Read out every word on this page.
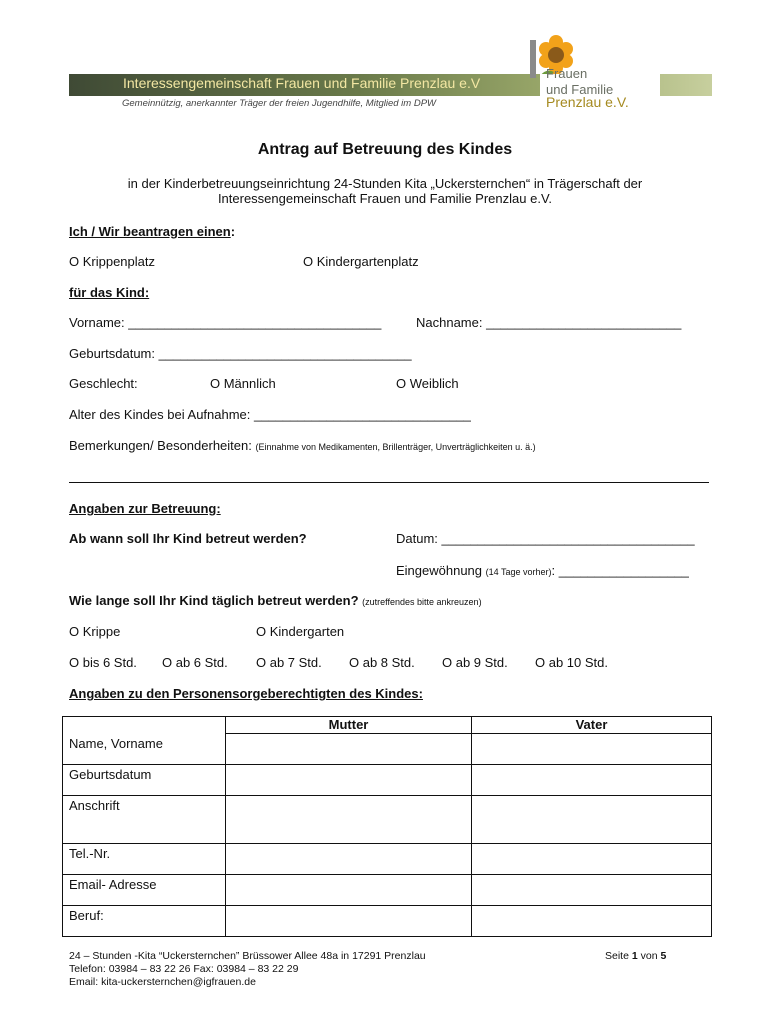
Interessengemeinschaft Frauen und Familie Prenzlau e.V
Gemeinnützig, anerkannter Träger der freien Jugendhilfe, Mitglied im DPW
Frauen
und Familie
Prenzlau e.V.
Antrag auf Betreuung des Kindes
in der Kinderbetreuungseinrichtung 24-Stunden Kita „Uckersternchen“ in Trägerschaft der
Interessengemeinschaft Frauen und Familie Prenzlau e.V.
Ich / Wir beantragen einen:
O Krippenplatz	O Kindergartenplatz
für das Kind:
Vorname: ___________________________________	Nachname: ___________________________
Geburtsdatum: ___________________________________
Geschlecht:	O Männlich	O Weiblich
Alter des Kindes bei Aufnahme: ______________________________
Bemerkungen/ Besonderheiten: (Einnahme von Medikamenten, Brillenträger, Unverträglichkeiten u. ä.)
Angaben zur Betreuung:
Ab wann soll Ihr Kind betreut werden?	Datum: ___________________________________
Eingewöhnung (14 Tage vorher): __________________
Wie lange soll Ihr Kind täglich betreut werden? (zutreffendes bitte ankreuzen)
O Krippe	O Kindergarten
O bis 6 Std. O ab 6 Std. O ab 7 Std. O ab 8 Std. O ab 9 Std. O ab 10 Std.
Angaben zu den Personensorgeberechtigten des Kindes:
	Mutter	Vater
Name, Vorname		
Geburtsdatum		
Anschrift		
Tel.-Nr.		
Email- Adresse		
Beruf:		
24 – Stunden -Kita “Uckersternchen” Brüssower Allee 48a in 17291 Prenzlau
Telefon: 03984 – 83 22 26 Fax: 03984 – 83 22 29
Email: kita-uckersternchen@igfrauen.de
Seite 1 von 5
